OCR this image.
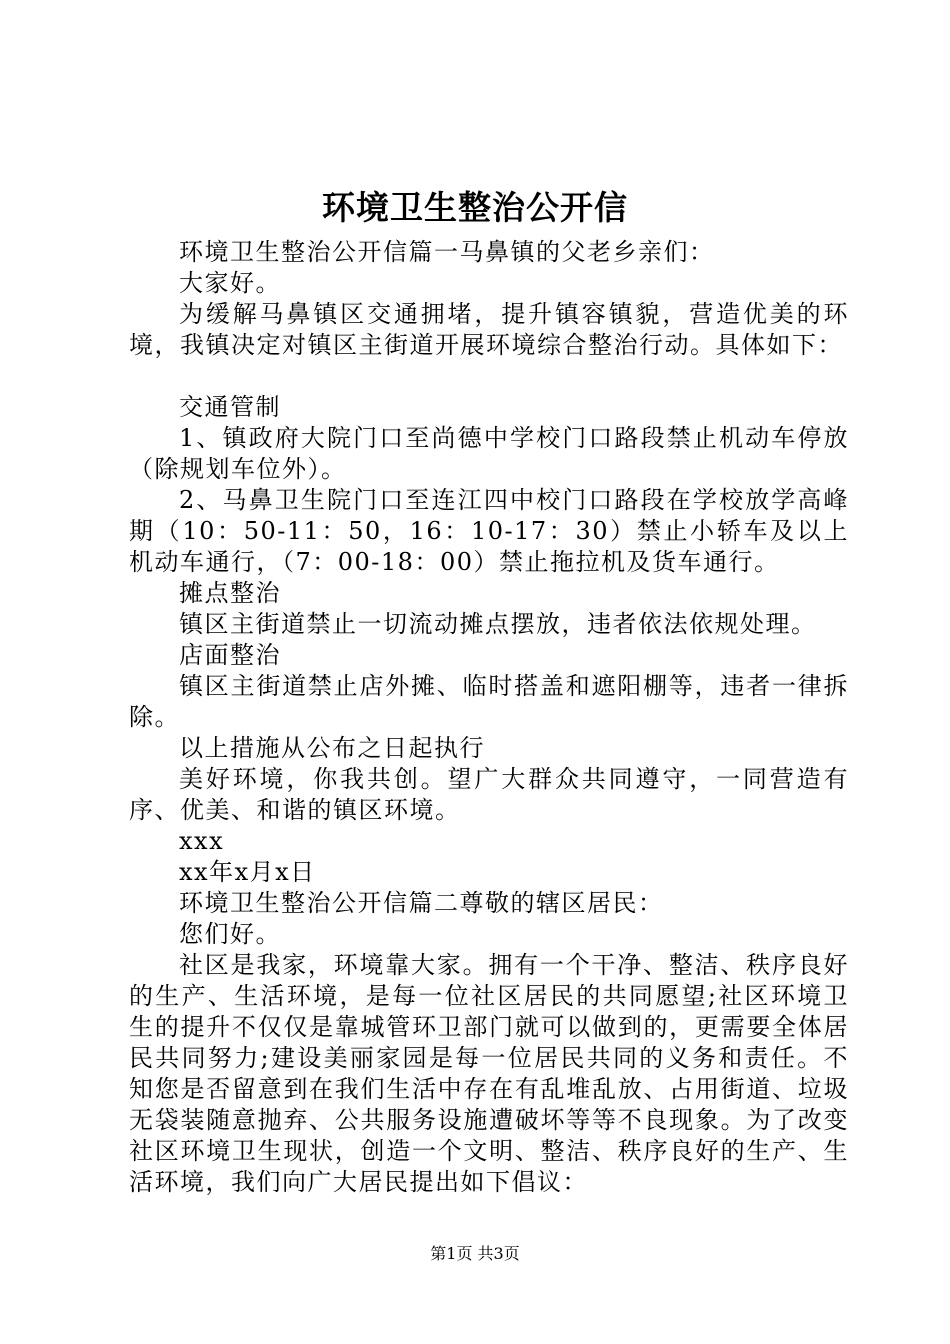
环境卫生整治公开信

环境卫生整治公开信篇一马鼻镇的父老乡亲们：

大家好。

为缓解马鼻镇区交通拥堵，提升镇容镇貌，营造优美的环境，我镇决定对镇区主街道开展环境综合整治行动。具体如下：

交通管制

1、镇政府大院门口至尚德中学校门口路段禁止机动车停放（除规划车位外）。

2、马鼻卫生院门口至连江四中校门口路段在学校放学高峰期（10：50-11：50，16：10-17：30）禁止小轿车及以上机动车通行，（7：00-18：00）禁止拖拉机及货车通行。

摊点整治

镇区主街道禁止一切流动摊点摆放，违者依法依规处理。

店面整治

镇区主街道禁止店外摊、临时搭盖和遮阳棚等，违者一律拆除。

以上措施从公布之日起执行

美好环境，你我共创。望广大群众共同遵守，一同营造有序、优美、和谐的镇区环境。

xxx

xx年x月x日

环境卫生整治公开信篇二尊敬的辖区居民：

您们好。

社区是我家，环境靠大家。拥有一个干净、整洁、秩序良好的生产、生活环境，是每一位社区居民的共同愿望;社区环境卫生的提升不仅仅是靠城管环卫部门就可以做到的，更需要全体居民共同努力;建设美丽家园是每一位居民共同的义务和责任。不知您是否留意到在我们生活中存在有乱堆乱放、占用街道、垃圾无袋装随意抛弃、公共服务设施遭破坏等等不良现象。为了改变社区环境卫生现状，创造一个文明、整洁、秩序良好的生产、生活环境，我们向广大居民提出如下倡议：

第1页 共3页
